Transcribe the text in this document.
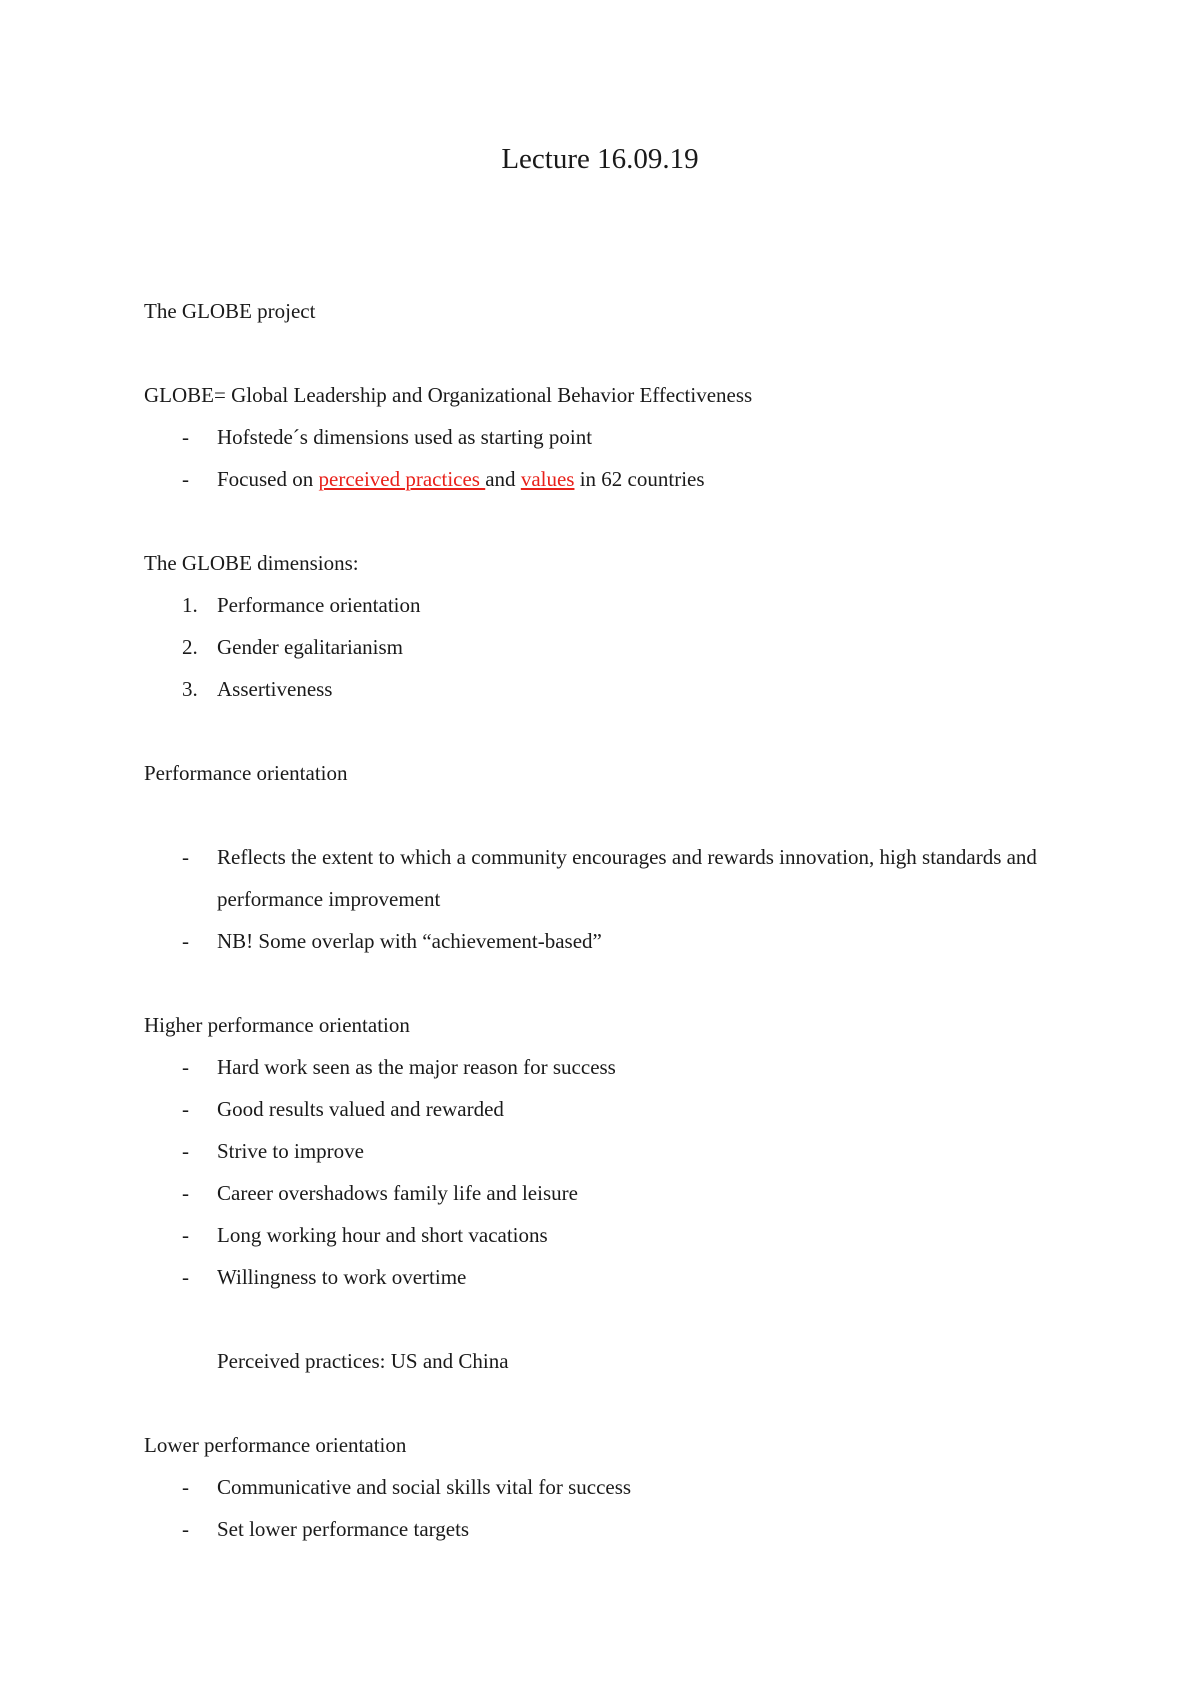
Lecture 16.09.19
The GLOBE project
GLOBE= Global Leadership and Organizational Behavior Effectiveness
-	Hofstede´s dimensions used as starting point
-	Focused on perceived practices and values in 62 countries
The GLOBE dimensions:
1. Performance orientation
2. Gender egalitarianism
3. Assertiveness
Performance orientation
-	Reflects the extent to which a community encourages and rewards innovation, high standards and performance improvement
-	NB! Some overlap with “achievement-based”
Higher performance orientation
-	Hard work seen as the major reason for success
-	Good results valued and rewarded
-	Strive to improve
-	Career overshadows family life and leisure
-	Long working hour and short vacations
-	Willingness to work overtime
Perceived practices: US and China
Lower performance orientation
-	Communicative and social skills vital for success
-	Set lower performance targets
